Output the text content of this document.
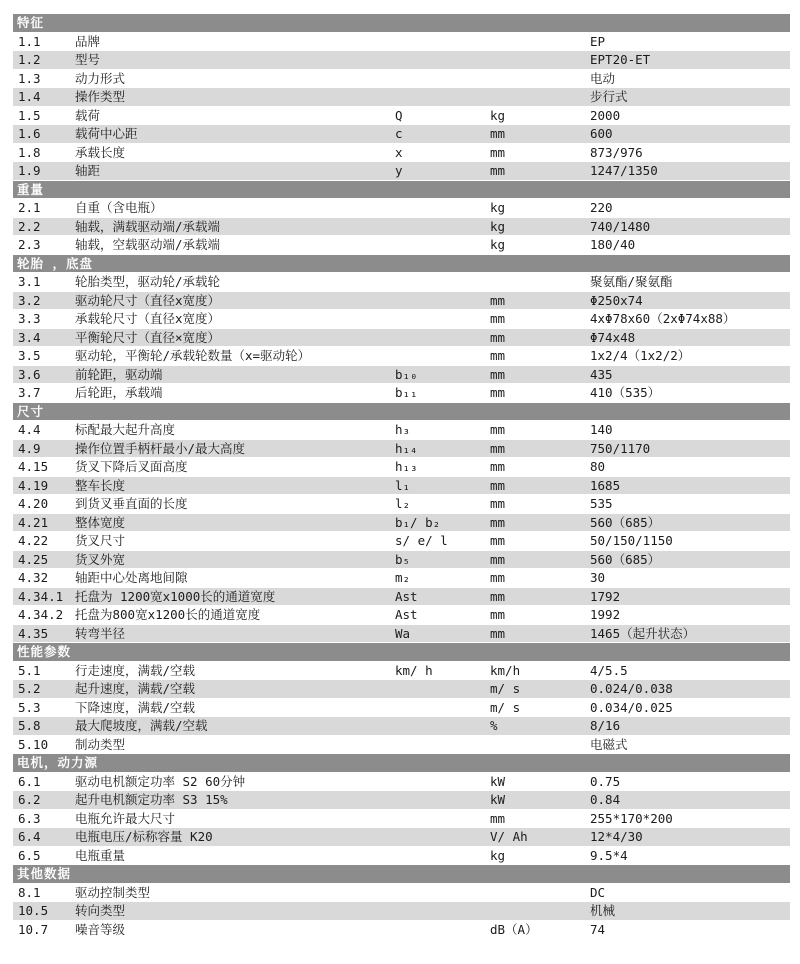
特征
1.1	品牌	EP
1.2	型号	EPT20-ET
1.3	动力形式	电动
1.4	操作类型	步行式
1.5	载荷	Q	kg	2000
1.6	载荷中心距	c	mm	600
1.8	承载长度	x	mm	873/976
1.9	轴距	y	mm	1247/1350
重量
2.1	自重（含电瓶）	kg	220
2.2	轴载，满载驱动端/承载端	kg	740/1480
2.3	轴载，空载驱动端/承载端	kg	180/40
轮胎 ，底盘
3.1	轮胎类型，驱动轮/承载轮	聚氨酯/聚氨酯
3.2	驱动轮尺寸（直径x宽度）	mm	Φ250x74
3.3	承载轮尺寸（直径x宽度）	mm	4xΦ78x60（2xΦ74x88）
3.4	平衡轮尺寸（直径×宽度）	mm	Φ74x48
3.5	驱动轮，平衡轮/承载轮数量（x=驱动轮）	mm	1x2/4（1x2/2）
3.6	前轮距，驱动端	b₁₀	mm	435
3.7	后轮距，承载端	b₁₁	mm	410（535）
尺寸
4.4	标配最大起升高度	h₃	mm	140
4.9	操作位置手柄杆最小/最大高度	h₁₄	mm	750/1170
4.15	货叉下降后叉面高度	h₁₃	mm	80
4.19	整车长度	l₁	mm	1685
4.20	到货叉垂直面的长度	l₂	mm	535
4.21	整体宽度	b₁/ b₂	mm	560（685）
4.22	货叉尺寸	s/ e/ l	mm	50/150/1150
4.25	货叉外宽	b₅	mm	560（685）
4.32	轴距中心处离地间隙	m₂	mm	30
4.34.1 托盘为 1200宽x1000长的通道宽度	Ast	mm	1792
4.34.2 托盘为800宽x1200长的通道宽度	Ast	mm	1992
4.35	转弯半径	Wa	mm	1465（起升状态）
性能参数
5.1	行走速度，满载/空载	km/ h	km/h	4/5.5
5.2	起升速度，满载/空载	m/ s	0.024/0.038
5.3	下降速度，满载/空载	m/ s	0.034/0.025
5.8	最大爬坡度，满载/空载	%	8/16
5.10	制动类型	电磁式
电机，动力源
6.1	驱动电机额定功率 S2 60分钟	kW	0.75
6.2	起升电机额定功率 S3 15%	kW	0.84
6.3	电瓶允许最大尺寸	mm	255*170*200
6.4	电瓶电压/标称容量 K20	V/ Ah	12*4/30
6.5	电瓶重量	kg	9.5*4
其他数据
8.1	驱动控制类型	DC
10.5	转向类型	机械
10.7	噪音等级	dB（A）	74
